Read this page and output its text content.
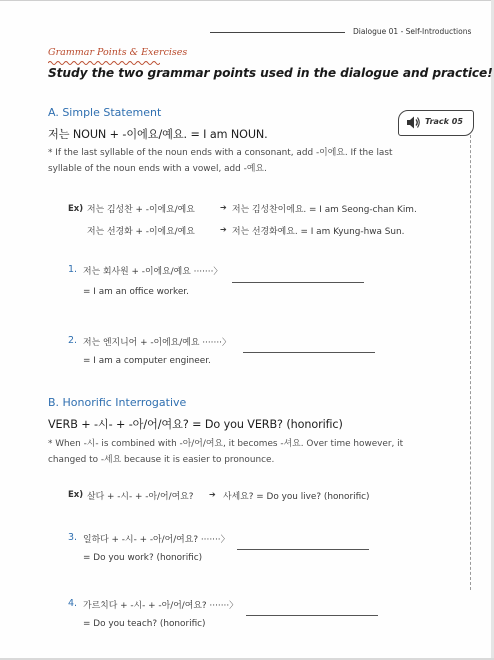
Dialogue 01 - Self-Introductions
Grammar Points & Exercises
Study the two grammar points used in the dialogue and practice!
Track 05
A. Simple Statement
저는 NOUN + -이에요/예요. = I am NOUN.
* If the last syllable of the noun ends with a consonant, add -이에요. If the last
syllable of the noun ends with a vowel, add -예요.
Ex) 저는 김성찬 + -이에요/예요	➔ 저는 김성찬이에요. = I am Seong-chan Kim.
저는 선경화 + -이에요/예요	➔ 저는 선경화예요. = I am Kyung-hwa Sun.
1. 저는 회사원 + -이에요/예요 ·······〉
= I am an office worker.
2. 저는 엔지니어 + -이에요/예요 ·······〉
= I am a computer engineer.
B. Honorific Interrogative
VERB + -시- + -아/어/여요? = Do you VERB? (honorific)
* When -시- is combined with -아/어/여요, it becomes -셔요. Over time however, it
changed to -세요 because it is easier to pronounce.
Ex) 살다 + -시- + -아/어/여요? ➔ 사세요? = Do you live? (honorific)
3. 일하다 + -시- + -아/어/여요? ·······〉
= Do you work? (honorific)
4. 가르치다 + -시- + -아/어/여요? ·······〉
= Do you teach? (honorific)
